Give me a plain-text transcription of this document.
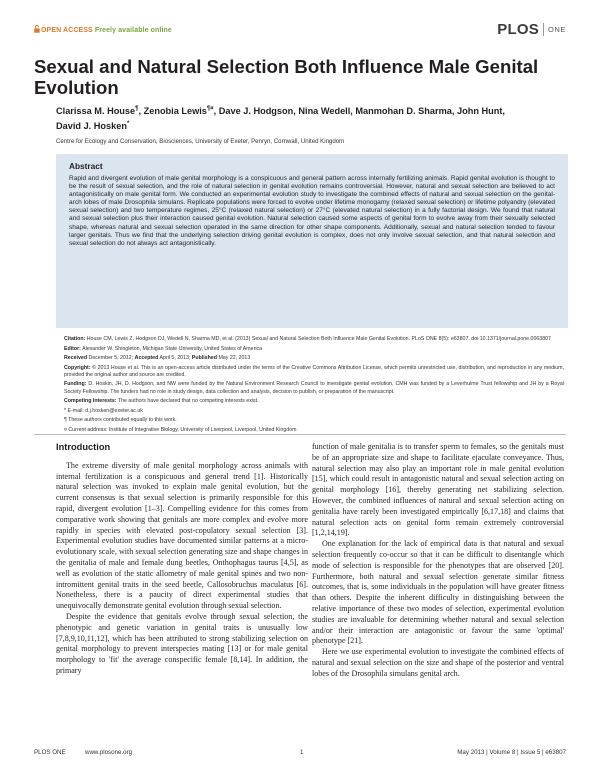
OPEN ACCESS Freely available online	PLOS ONE
Sexual and Natural Selection Both Influence Male Genital Evolution
Clarissa M. House¶, Zenobia Lewis¶¤, Dave J. Hodgson, Nina Wedell, Manmohan D. Sharma, John Hunt,
David J. Hosken*
Centre for Ecology and Conservation, Biosciences, University of Exeter, Penryn, Cornwall, United Kingdom

Abstract

Rapid and divergent evolution of male genital morphology is a conspicuous and general pattern across internally fertilizing animals. Rapid genital evolution is thought to be the result of sexual selection, and the role of natural selection in genital evolution remains controversial. However, natural and sexual selection are believed to act antagonistically on male genital form. We conducted an experimental evolution study to investigate the combined effects of natural and sexual selection on the genital-arch lobes of male Drosophila simulans. Replicate populations were forced to evolve under lifetime monogamy (relaxed sexual selection) or lifetime polyandry (elevated sexual selection) and two temperature regimes, 25°C (relaxed natural selection) or 27°C (elevated natural selection) in a fully factorial design. We found that natural and sexual selection plus their interaction caused genital evolution. Natural selection caused some aspects of genital form to evolve away from their sexually selected shape, whereas natural and sexual selection operated in the same direction for other shape components. Additionally, sexual and natural selection tended to favour larger genitals. Thus we find that the underlying selection driving genital evolution is complex, does not only involve sexual selection, and that natural selection and sexual selection do not always act antagonistically.

Citation: House CM, Lewis Z, Hodgson DJ, Wedell N, Sharma MD, et al. (2013) Sexual and Natural Selection Both Influence Male Genital Evolution. PLoS ONE 8(5): e63807. doi:10.1371/journal.pone.0063807

Editor: Alexander W. Shingleton, Michigan State University, United States of America

Received December 5, 2012; Accepted April 5, 2013; Published May 22, 2013

Copyright: © 2013 House et al. This is an open-access article distributed under the terms of the Creative Commons Attribution License, which permits unrestricted use, distribution, and reproduction in any medium, provided the original author and source are credited.

Funding: D. Hoskin, JH, D. Hodgson, and NW were funded by the Natural Environment Research Council to investigate genital evolution, CMH was funded by a Leverhulme Trust fellowship and JH by a Royal Society Fellowship. The funders had no role in study design, data collection and analysis, decision to publish, or preparation of the manuscript.

Competing Interests: The authors have declared that no competing interests exist.

* E-mail: d.j.hosken@exeter.ac.uk

¶ These authors contributed equally to this work.

¤ Current address: Institute of Integrative Biology, University of Liverpool, Liverpool, United Kingdom

Introduction

The extreme diversity of male genital morphology across animals with internal fertilization is a conspicuous and general trend [1]. Historically natural selection was invoked to explain male genital evolution, but the current consensus is that sexual selection is primarily responsible for this rapid, divergent evolution [1–3]. Compelling evidence for this comes from comparative work showing that genitals are more complex and evolve more rapidly in species with elevated post-copulatory sexual selection [3]. Experimental evolution studies have documented similar patterns at a micro-evolutionary scale, with sexual selection generating size and shape changes in the genitalia of male and female dung beetles, Onthophagus taurus [4,5], as well as evolution of the static allometry of male genital spines and two non-intromittent genital traits in the seed beetle, Callosobruchus maculatus [6]. Nonetheless, there is a paucity of direct experimental studies that unequivocally demonstrate genital evolution through sexual selection.

Despite the evidence that genitals evolve through sexual selection, the phenotypic and genetic variation in genital traits is unusually low [7,8,9,10,11,12], which has been attributed to strong stabilizing selection on genital morphology to prevent interspecies mating [13] or for male genital morphology to 'fit' the average conspecific female [8,14]. In addition, the primary

function of male genitalia is to transfer sperm to females, so the genitals must be of an appropriate size and shape to facilitate ejaculate conveyance. Thus, natural selection may also play an important role in male genital evolution [15], which could result in antagonistic natural and sexual selection acting on genital morphology [16], thereby generating net stabilizing selection. However, the combined influences of natural and sexual selection acting on genitalia have rarely been investigated empirically [6,17,18] and claims that natural selection acts on genital form remain extremely controversial [1,2,14,19].

One explanation for the lack of empirical data is that natural and sexual selection frequently co-occur so that it can be difficult to disentangle which mode of selection is responsible for the phenotypes that are observed [20]. Furthermore, both natural and sexual selection generate similar fitness outcomes, that is, some individuals in the population will have greater fitness than others. Despite the inherent difficulty in distinguishing between the relative importance of these two modes of selection, experimental evolution studies are invaluable for determining whether natural and sexual selection and/or their interaction are antagonistic or favour the same 'optimal' phenotype [21].

Here we use experimental evolution to investigate the combined effects of natural and sexual selection on the size and shape of the posterior and ventral lobes of the Drosophila simulans genital arch.

PLOS ONE	www.plosone.org	1	May 2013 | Volume 8 | Issue 5 | e63807
